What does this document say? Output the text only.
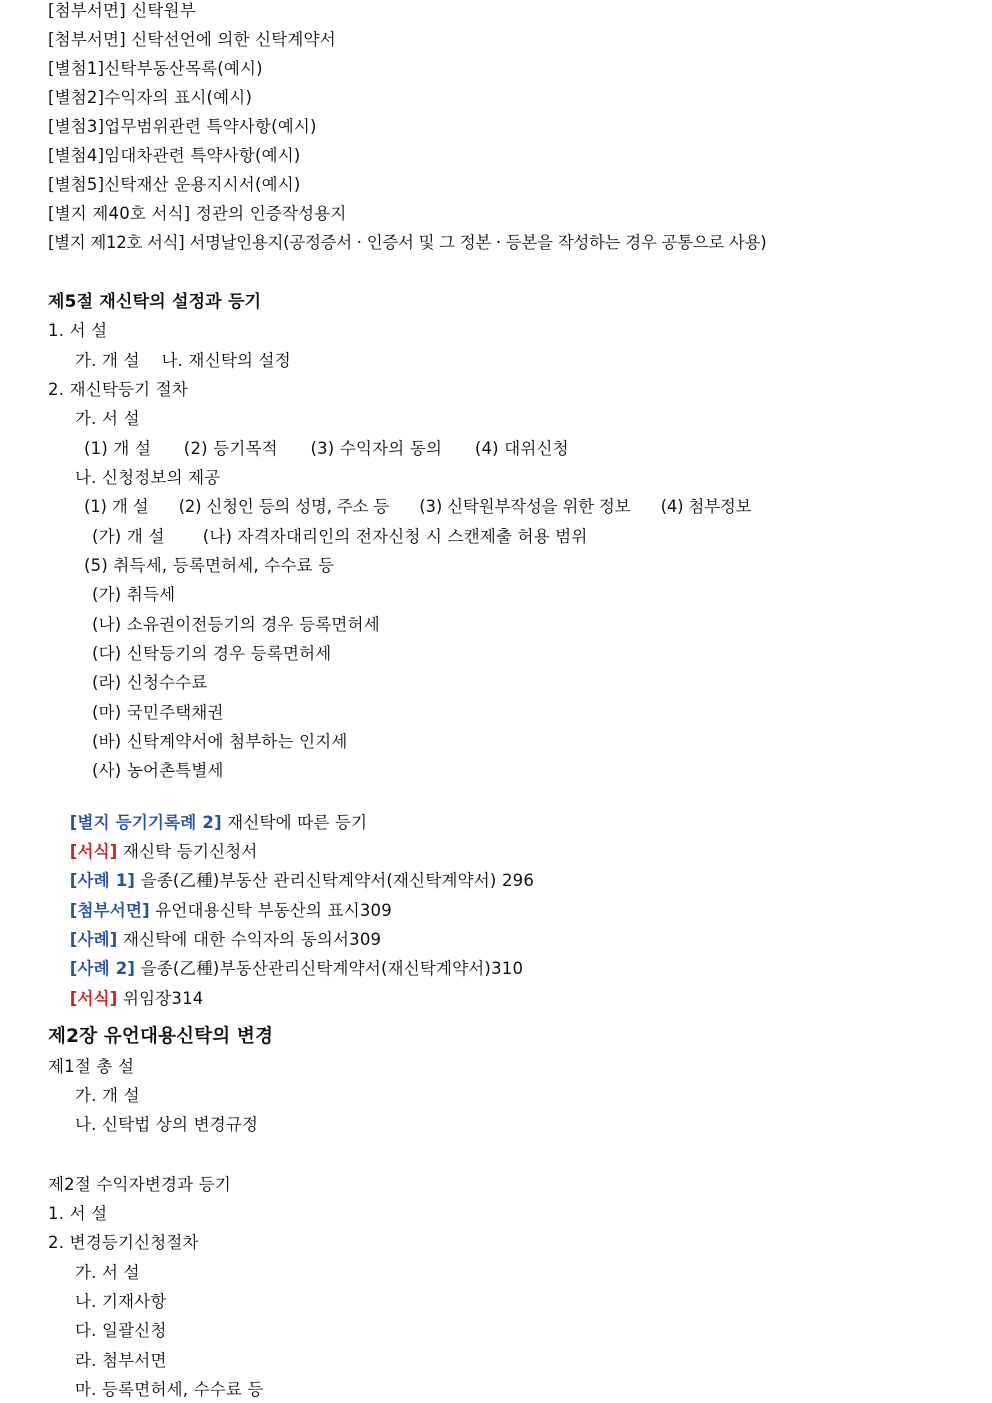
[첨부서면] 신탁원부
[첨부서면] 신탁선언에 의한 신탁계약서
[별첨1]신탁부동산목록(예시)
[별첨2]수익자의 표시(예시)
[별첨3]업무범위관련 특약사항(예시)
[별첨4]임대차관련 특약사항(예시)
[별첨5]신탁재산 운용지시서(예시)
[별지 제40호 서식] 정관의 인증작성용지
[별지 제12호 서식] 서명날인용지(공정증서 · 인증서 및 그 정본 · 등본을 작성하는 경우 공통으로 사용)
제5절 재신탁의 설정과 등기
1. 서 설
가. 개 설    나. 재신탁의 설정
2. 재신탁등기 절차
가. 서 설
(1) 개 설      (2) 등기목적      (3) 수익자의 동의      (4) 대위신청
나. 신청정보의 제공
(1) 개 설      (2) 신청인 등의 성명, 주소 등      (3) 신탁원부작성을 위한 정보      (4) 첨부정보
(가) 개 설       (나) 자격자대리인의 전자신청 시 스캔제출 허용 범위
(5) 취득세, 등록면허세, 수수료 등
(가) 취득세
(나) 소유권이전등기의 경우 등록면허세
(다) 신탁등기의 경우 등록면허세
(라) 신청수수료
(마) 국민주택채권
(바) 신탁계약서에 첨부하는 인지세
(사) 농어촌특별세

[별지 등기기록례 2] 재신탁에 따른 등기

[서식] 재신탁 등기신청서

[사례 1] 을종(乙種)부동산 관리신탁계약서(재신탁계약서) 296

[첨부서면] 유언대용신탁 부동산의 표시309

[사례] 재신탁에 대한 수익자의 동의서309

[사례 2] 을종(乙種)부동산관리신탁계약서(재신탁계약서)310

[서식] 위임장314

제2장 유언대용신탁의 변경
제1절 총 설
가. 개 설
나. 신탁법 상의 변경규정
제2절 수익자변경과 등기
1. 서 설
2. 변경등기신청절차
가. 서 설
나. 기재사항
다. 일괄신청
라. 첨부서면
마. 등록면허세, 수수료 등
